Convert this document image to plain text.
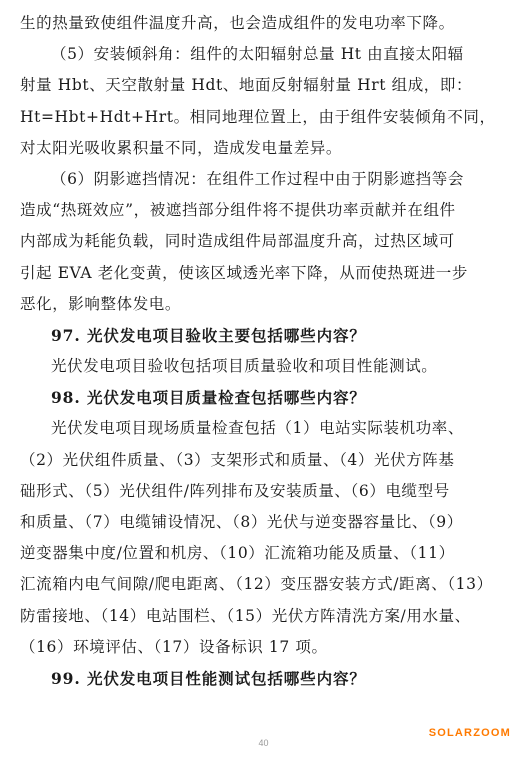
生的热量致使组件温度升高，也会造成组件的发电功率下降。
（5）安装倾斜角：组件的太阳辐射总量 Ht 由直接太阳辐
射量 Hbt、天空散射量 Hdt、地面反射辐射量 Hrt 组成，即：
Ht=Hbt+Hdt+Hrt。相同地理位置上，由于组件安装倾角不同，
对太阳光吸收累积量不同，造成发电量差异。
（6）阴影遮挡情况：在组件工作过程中由于阴影遮挡等会
造成“热斑效应”，被遮挡部分组件将不提供功率贡献并在组件
内部成为耗能负载，同时造成组件局部温度升高，过热区域可
引起 EVA 老化变黄，使该区域透光率下降，从而使热斑进一步
恶化，影响整体发电。
97. 光伏发电项目验收主要包括哪些内容？
光伏发电项目验收包括项目质量验收和项目性能测试。
98. 光伏发电项目质量检查包括哪些内容？
光伏发电项目现场质量检查包括（1）电站实际装机功率、
（2）光伏组件质量、（3）支架形式和质量、（4）光伏方阵基
础形式、（5）光伏组件/阵列排布及安装质量、（6）电缆型号
和质量、（7）电缆铺设情况、（8）光伏与逆变器容量比、（9）
逆变器集中度/位置和机房、（10）汇流箱功能及质量、（11）
汇流箱内电气间隙/爬电距离、（12）变压器安装方式/距离、（13）
防雷接地、（14）电站围栏、（15）光伏方阵清洗方案/用水量、
（16）环境评估、（17）设备标识 17 项。
99. 光伏发电项目性能测试包括哪些内容？
40
SOLARZOOM
